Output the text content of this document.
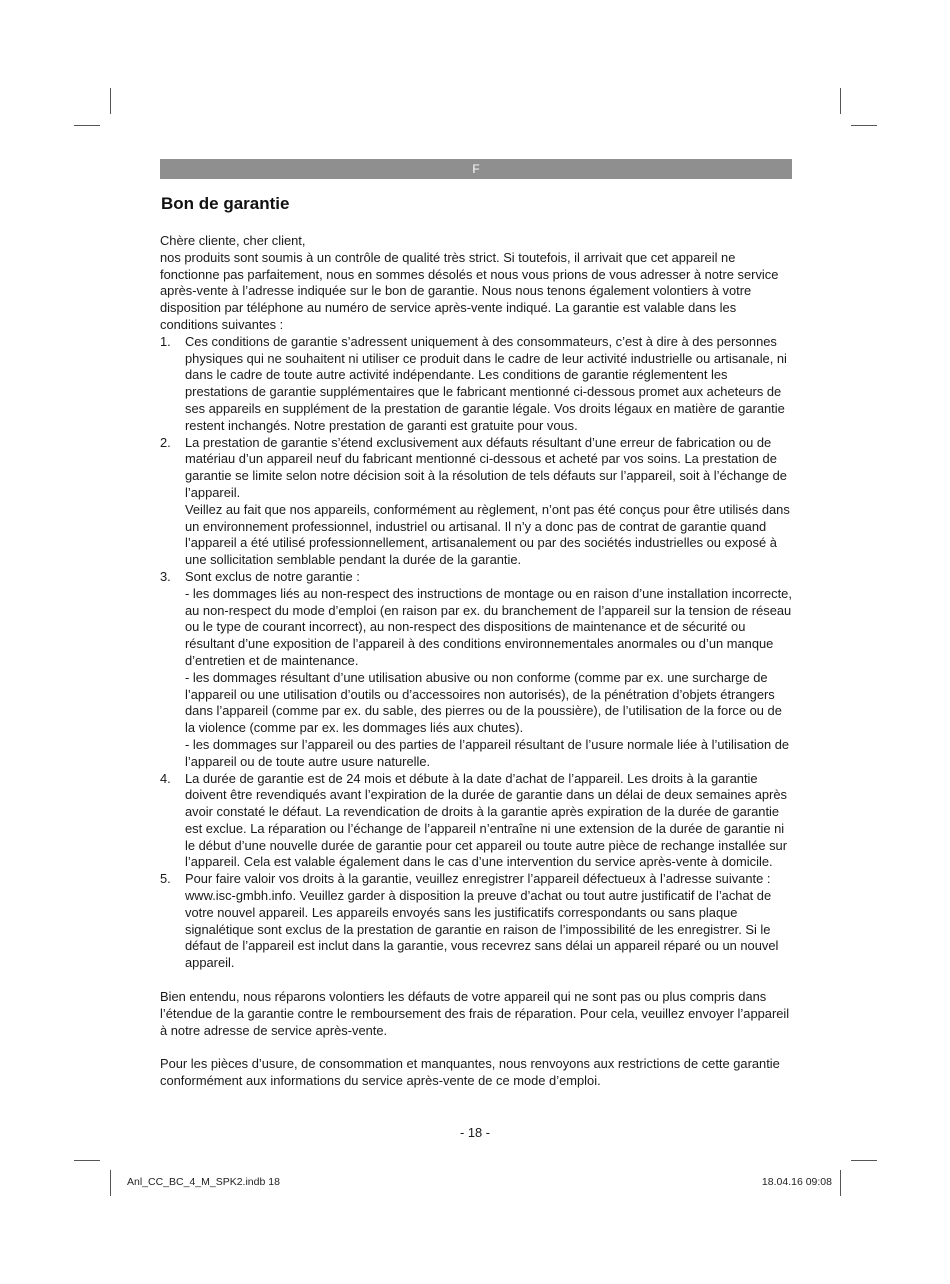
F
Bon de garantie

Chère cliente, cher client,

nos produits sont soumis à un contrôle de qualité très strict. Si toutefois, il arrivait que cet appareil ne fonctionne pas parfaitement, nous en sommes désolés et nous vous prions de vous adresser à notre service après-vente à l’adresse indiquée sur le bon de garantie. Nous nous tenons également volontiers à votre disposition par téléphone au numéro de service après-vente indiqué. La garantie est valable dans les conditions suivantes :

1. Ces conditions de garantie s’adressent uniquement à des consommateurs, c’est à dire à des personnes physiques qui ne souhaitent ni utiliser ce produit dans le cadre de leur activité industrielle ou artisanale, ni dans le cadre de toute autre activité indépendante. Les conditions de garantie réglementent les prestations de garantie supplémentaires que le fabricant mentionné ci-dessous promet aux acheteurs de ses appareils en supplément de la prestation de garantie légale. Vos droits légaux en matière de garantie restent inchangés. Notre prestation de garanti est gratuite pour vous.

2. La prestation de garantie s’étend exclusivement aux défauts résultant d’une erreur de fabrication ou de matériau d’un appareil neuf du fabricant mentionné ci-dessous et acheté par vos soins. La prestation de garantie se limite selon notre décision soit à la résolution de tels défauts sur l’appareil, soit à l’échange de l’appareil.

Veillez au fait que nos appareils, conformément au règlement, n’ont pas été conçus pour être utilisés dans un environnement professionnel, industriel ou artisanal. Il n’y a donc pas de contrat de garantie quand l’appareil a été utilisé professionnellement, artisanalement ou par des sociétés industrielles ou exposé à une sollicitation semblable pendant la durée de la garantie.

3. Sont exclus de notre garantie :

- les dommages liés au non-respect des instructions de montage ou en raison d’une installation incorrecte, au non-respect du mode d’emploi (en raison par ex. du branchement de l’appareil sur la tension de réseau ou le type de courant incorrect), au non-respect des dispositions de maintenance et de sécurité ou résultant d’une exposition de l’appareil à des conditions environnementales anormales ou d’un manque d’entretien et de maintenance.

- les dommages résultant d’une utilisation abusive ou non conforme (comme par ex. une surcharge de l’appareil ou une utilisation d’outils ou d’accessoires non autorisés), de la pénétration d’objets étrangers dans l’appareil (comme par ex. du sable, des pierres ou de la poussière), de l’utilisation de la force ou de la violence (comme par ex. les dommages liés aux chutes).

- les dommages sur l’appareil ou des parties de l’appareil résultant de l’usure normale liée à l’utilisation de l’appareil ou de toute autre usure naturelle.

4. La durée de garantie est de 24 mois et débute à la date d’achat de l’appareil. Les droits à la garantie doivent être revendiqués avant l’expiration de la durée de garantie dans un délai de deux semaines après avoir constaté le défaut. La revendication de droits à la garantie après expiration de la durée de garantie est exclue. La réparation ou l’échange de l’appareil n’entraîne ni une extension de la durée de garantie ni le début d’une nouvelle durée de garantie pour cet appareil ou toute autre pièce de rechange installée sur l’appareil. Cela est valable également dans le cas d’une intervention du service après-vente à domicile.

5. Pour faire valoir vos droits à la garantie, veuillez enregistrer l’appareil défectueux à l’adresse suivante : www.isc-gmbh.info. Veuillez garder à disposition la preuve d’achat ou tout autre justificatif de l’achat de votre nouvel appareil. Les appareils envoyés sans les justificatifs correspondants ou sans plaque signalétique sont exclus de la prestation de garantie en raison de l’impossibilité de les enregistrer. Si le défaut de l’appareil est inclut dans la garantie, vous recevrez sans délai un appareil réparé ou un nouvel appareil.

Bien entendu, nous réparons volontiers les défauts de votre appareil qui ne sont pas ou plus compris dans l’étendue de la garantie contre le remboursement des frais de réparation. Pour cela, veuillez envoyer l’appareil à notre adresse de service après-vente.

Pour les pièces d’usure, de consommation et manquantes, nous renvoyons aux restrictions de cette garantie conformément aux informations du service après-vente de ce mode d’emploi.

- 18 -
Anl_CC_BC_4_M_SPK2.indb 18	18.04.16 09:08
